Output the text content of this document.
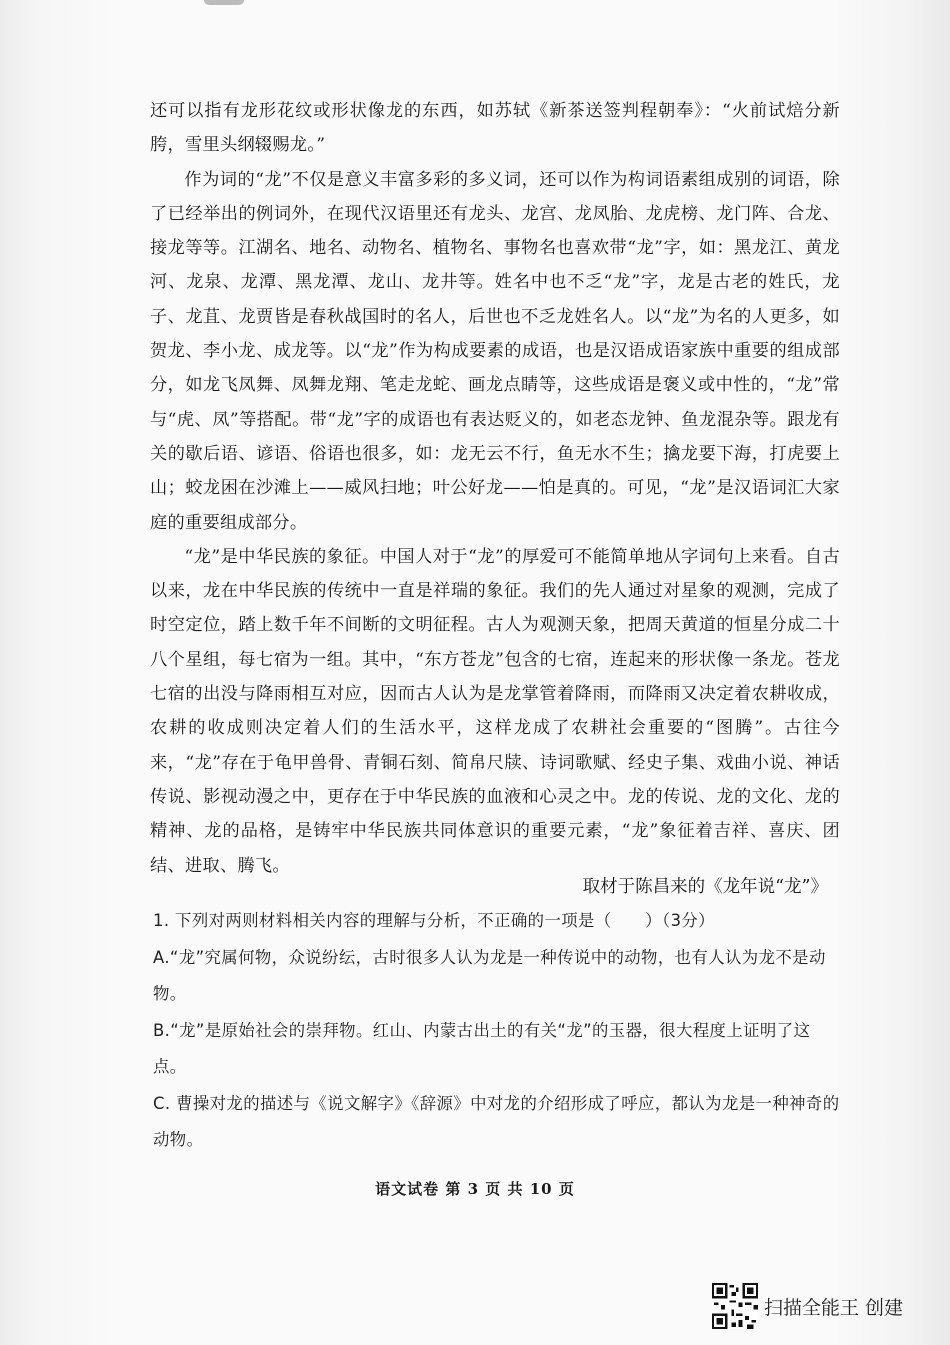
还可以指有龙形花纹或形状像龙的东西，如苏轼《新茶送签判程朝奉》：“火前试焙分新胯，雪里头纲辍赐龙。”

作为词的“龙”不仅是意义丰富多彩的多义词，还可以作为构词语素组成别的词语，除了已经举出的例词外，在现代汉语里还有龙头、龙宫、龙凤胎、龙虎榜、龙门阵、合龙、接龙等等。江湖名、地名、动物名、植物名、事物名也喜欢带“龙”字，如：黑龙江、黄龙河、龙泉、龙潭、黑龙潭、龙山、龙井等。姓名中也不乏“龙”字，龙是古老的姓氏，龙子、龙苴、龙贾皆是春秋战国时的名人，后世也不乏龙姓名人。以“龙”为名的人更多，如贺龙、李小龙、成龙等。以“龙”作为构成要素的成语，也是汉语成语家族中重要的组成部分，如龙飞凤舞、凤舞龙翔、笔走龙蛇、画龙点睛等，这些成语是褒义或中性的，“龙”常与“虎、凤”等搭配。带“龙”字的成语也有表达贬义的，如老态龙钟、鱼龙混杂等。跟龙有关的歇后语、谚语、俗语也很多，如：龙无云不行，鱼无水不生；擒龙要下海，打虎要上山；蛟龙困在沙滩上——威风扫地；叶公好龙——怕是真的。可见，“龙”是汉语词汇大家庭的重要组成部分。

“龙”是中华民族的象征。中国人对于“龙”的厚爱可不能简单地从字词句上来看。自古以来，龙在中华民族的传统中一直是祥瑞的象征。我们的先人通过对星象的观测，完成了时空定位，踏上数千年不间断的文明征程。古人为观测天象，把周天黄道的恒星分成二十八个星组，每七宿为一组。其中，“东方苍龙”包含的七宿，连起来的形状像一条龙。苍龙七宿的出没与降雨相互对应，因而古人认为是龙掌管着降雨，而降雨又决定着农耕收成，农耕的收成则决定着人们的生活水平，这样龙成了农耕社会重要的“图腾”。古往今来，“龙”存在于龟甲兽骨、青铜石刻、简帛尺牍、诗词歌赋、经史子集、戏曲小说、神话传说、影视动漫之中，更存在于中华民族的血液和心灵之中。龙的传说、龙的文化、龙的精神、龙的品格，是铸牢中华民族共同体意识的重要元素，“龙”象征着吉祥、喜庆、团结、进取、腾飞。

取材于陈昌来的《龙年说“龙”》

1. 下列对两则材料相关内容的理解与分析，不正确的一项是（　　）（3分）

A.“龙”究属何物，众说纷纭，古时很多人认为龙是一种传说中的动物，也有人认为龙不是动物。

B.“龙”是原始社会的崇拜物。红山、内蒙古出土的有关“龙”的玉器，很大程度上证明了这点。

C. 曹操对龙的描述与《说文解字》《辞源》中对龙的介绍形成了呼应，都认为龙是一种神奇的动物。

语文试卷 第 3 页 共 10 页
扫描全能王 创建
